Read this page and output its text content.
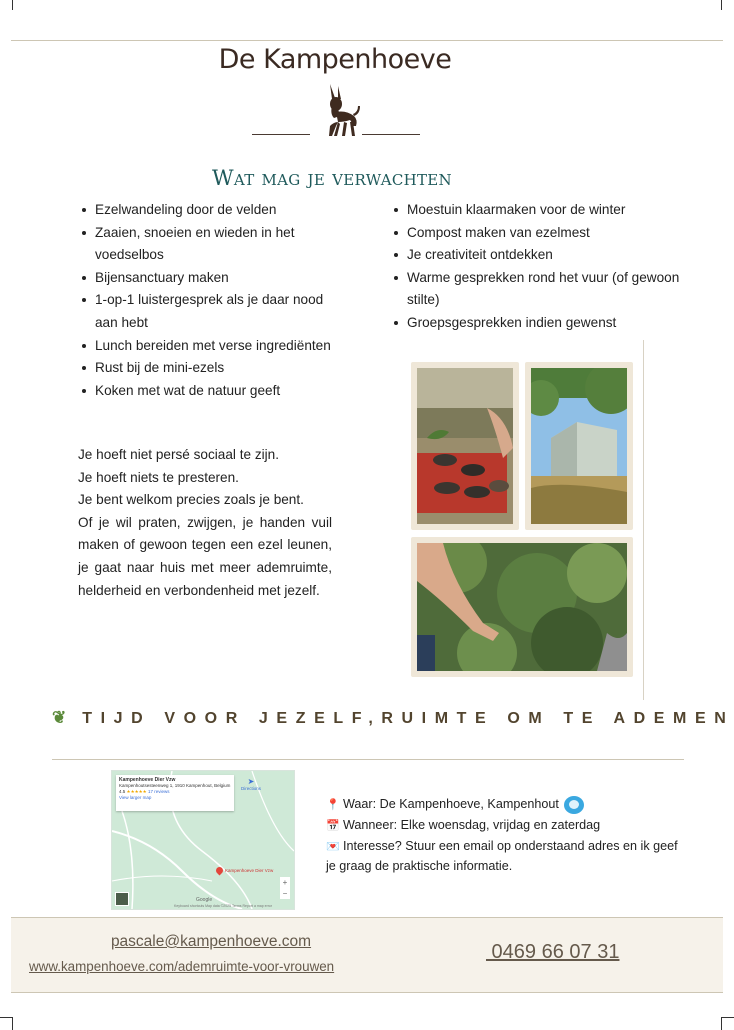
De Kampenhoeve
Wat mag je verwachten
Ezelwandeling door de velden
Zaaien, snoeien en wieden in het voedselbos
Bijensanctuary maken
1-op-1 luistergesprek als je daar nood aan hebt
Lunch bereiden met verse ingrediënten
Rust bij de mini-ezels
Koken met wat de natuur geeft
Moestuin klaarmaken voor de winter
Compost maken van ezelmest
Je creativiteit ontdekken
Warme gesprekken rond het vuur (of gewoon stilte)
Groepsgesprekken indien gewenst

Je hoeft niet persé sociaal te zijn.

Je hoeft niets te presteren.

Je bent welkom precies zoals je bent.

Of je wil praten, zwijgen, je handen vuil maken of gewoon tegen een ezel leunen, je gaat naar huis met meer ademruimte, helderheid en verbondenheid met jezelf.

❦ TIJD VOOR JEZELF,RUIMTE OM TE ADEMEN
Kampenhoeve Dier Vzw
Kampenhoutsesteenweg 1, 1910 Kampenhout, Belgium
4.5 ★★★★★ 17 reviews
View larger map
➤
Directions
Kampenhoeve Dier Vzw
+
−
Google
Keyboard shortcuts Map data ©2025 Terms Report a map error
📍 Waar: De Kampenhoeve, Kampenhout
📅 Wanneer: Elke woensdag, vrijdag en zaterdag
💌 Interesse? Stuur een email op onderstaand adres en ik geef je graag de praktische informatie.
pascale@kampenhoeve.com
www.kampenhoeve.com/ademruimte-voor-vrouwen
0469 66 07 31
